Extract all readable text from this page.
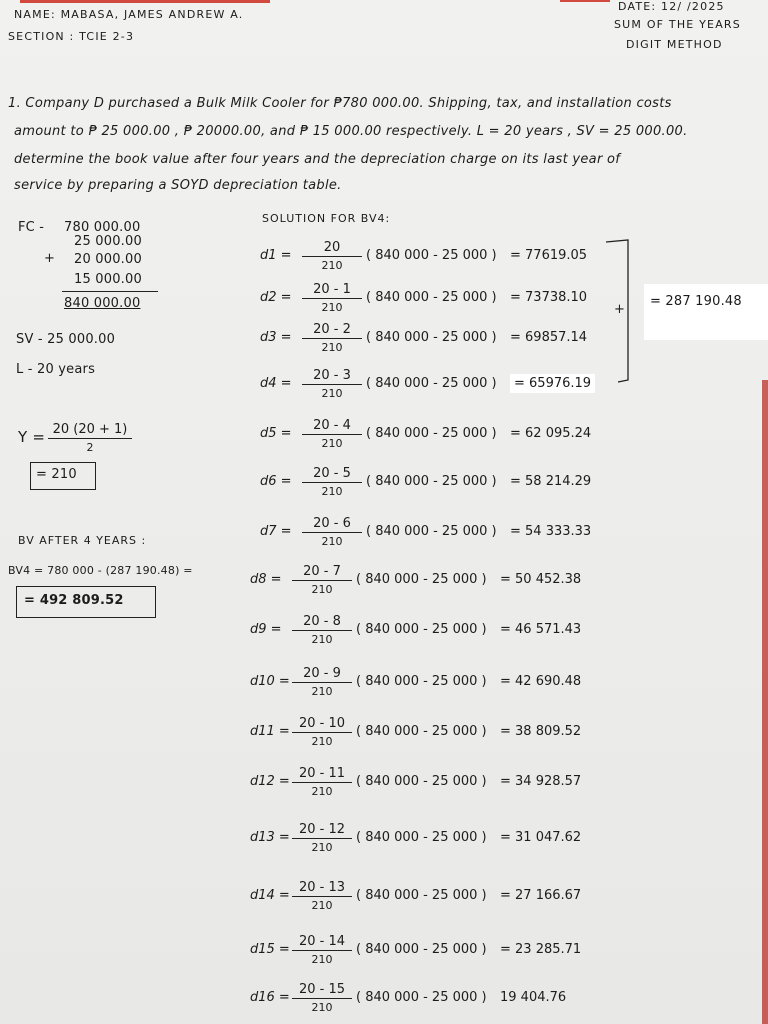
NAME: MABASA, JAMES ANDREW A.
SECTION : TCIE 2-3
DATE: 12/ /2025
SUM OF THE YEARS
DIGIT METHOD
1. Company D purchased a Bulk Milk Cooler for ₱780 000.00. Shipping, tax, and installation costs
amount to ₱ 25 000.00 , ₱ 20000.00, and ₱ 15 000.00 respectively. L = 20 years , SV = 25 000.00.
determine the book value after four years and the depreciation charge on its last year of
service by preparing a SOYD depreciation table.
FC - 780 000.00
25 000.00
+ 20 000.00
15 000.00
840 000.00
SV - 25 000.00
L - 20 years
Y = 20 (20 + 1)
2
= 210
BV AFTER 4 YEARS :
BV4 = 780 000 - (287 190.48) =
= 492 809.52
SOLUTION FOR BV4:
d1 =
20
210
( 840 000 - 25 000 ) = 77619.05
d2 =
20 - 1
210
( 840 000 - 25 000 ) = 73738.10
d3 =
20 - 2
210
( 840 000 - 25 000 ) = 69857.14
d4 =
20 - 3
210
( 840 000 - 25 000 )	= 65976.19
d5 =
20 - 4
210
( 840 000 - 25 000 ) = 62 095.24
d6 =
20 - 5
210
( 840 000 - 25 000 ) = 58 214.29
d7 =
20 - 6
210
( 840 000 - 25 000 ) = 54 333.33
d8 =
20 - 7
210
( 840 000 - 25 000 ) = 50 452.38
d9 =
20 - 8
210
( 840 000 - 25 000 ) = 46 571.43
d10 =
20 - 9
210
( 840 000 - 25 000 ) = 42 690.48
d11 =
20 - 10
210
( 840 000 - 25 000 ) = 38 809.52
d12 =
20 - 11
210
( 840 000 - 25 000 ) = 34 928.57
d13 =
20 - 12
210
( 840 000 - 25 000 ) = 31 047.62
d14 =
20 - 13
210
( 840 000 - 25 000 ) = 27 166.67
d15 =
20 - 14
210
( 840 000 - 25 000 ) = 23 285.71
d16 =
20 - 15
210
( 840 000 - 25 000 ) 19 404.76
+
= 287 190.48
